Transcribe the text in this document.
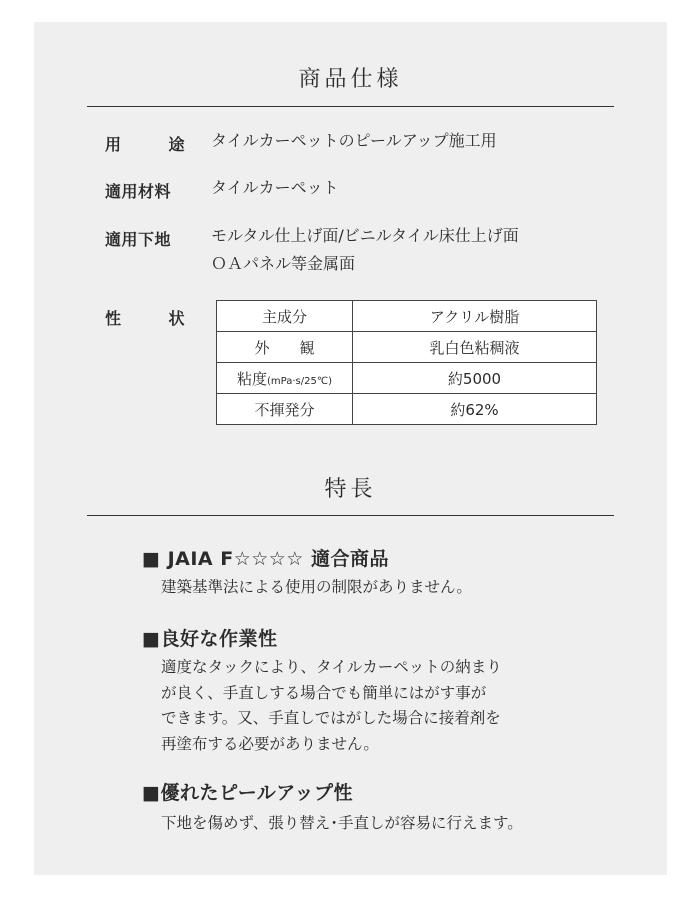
商品仕様
用	途 タイルカーペットのピールアップ施工用
適用材料	タイルカーペット
適用下地	モルタル仕上げ面/ビニルタイル床仕上げ面
ＯＡパネル等金属面
性	状	主成分	アクリル樹脂
外 観	乳白色粘稠液
粘度(mPa·s/25℃)	約5000
不揮発分	約62%
特長
■ JAIA F☆☆☆☆ 適合商品
建築基準法による使用の制限がありません。
■良好な作業性
適度なタックにより、タイルカーペットの納まり
が良く、手直しする場合でも簡単にはがす事が
できます。又、手直しではがした場合に接着剤を
再塗布する必要がありません。
■優れたピールアップ性
下地を傷めず、張り替え･手直しが容易に行えます。
